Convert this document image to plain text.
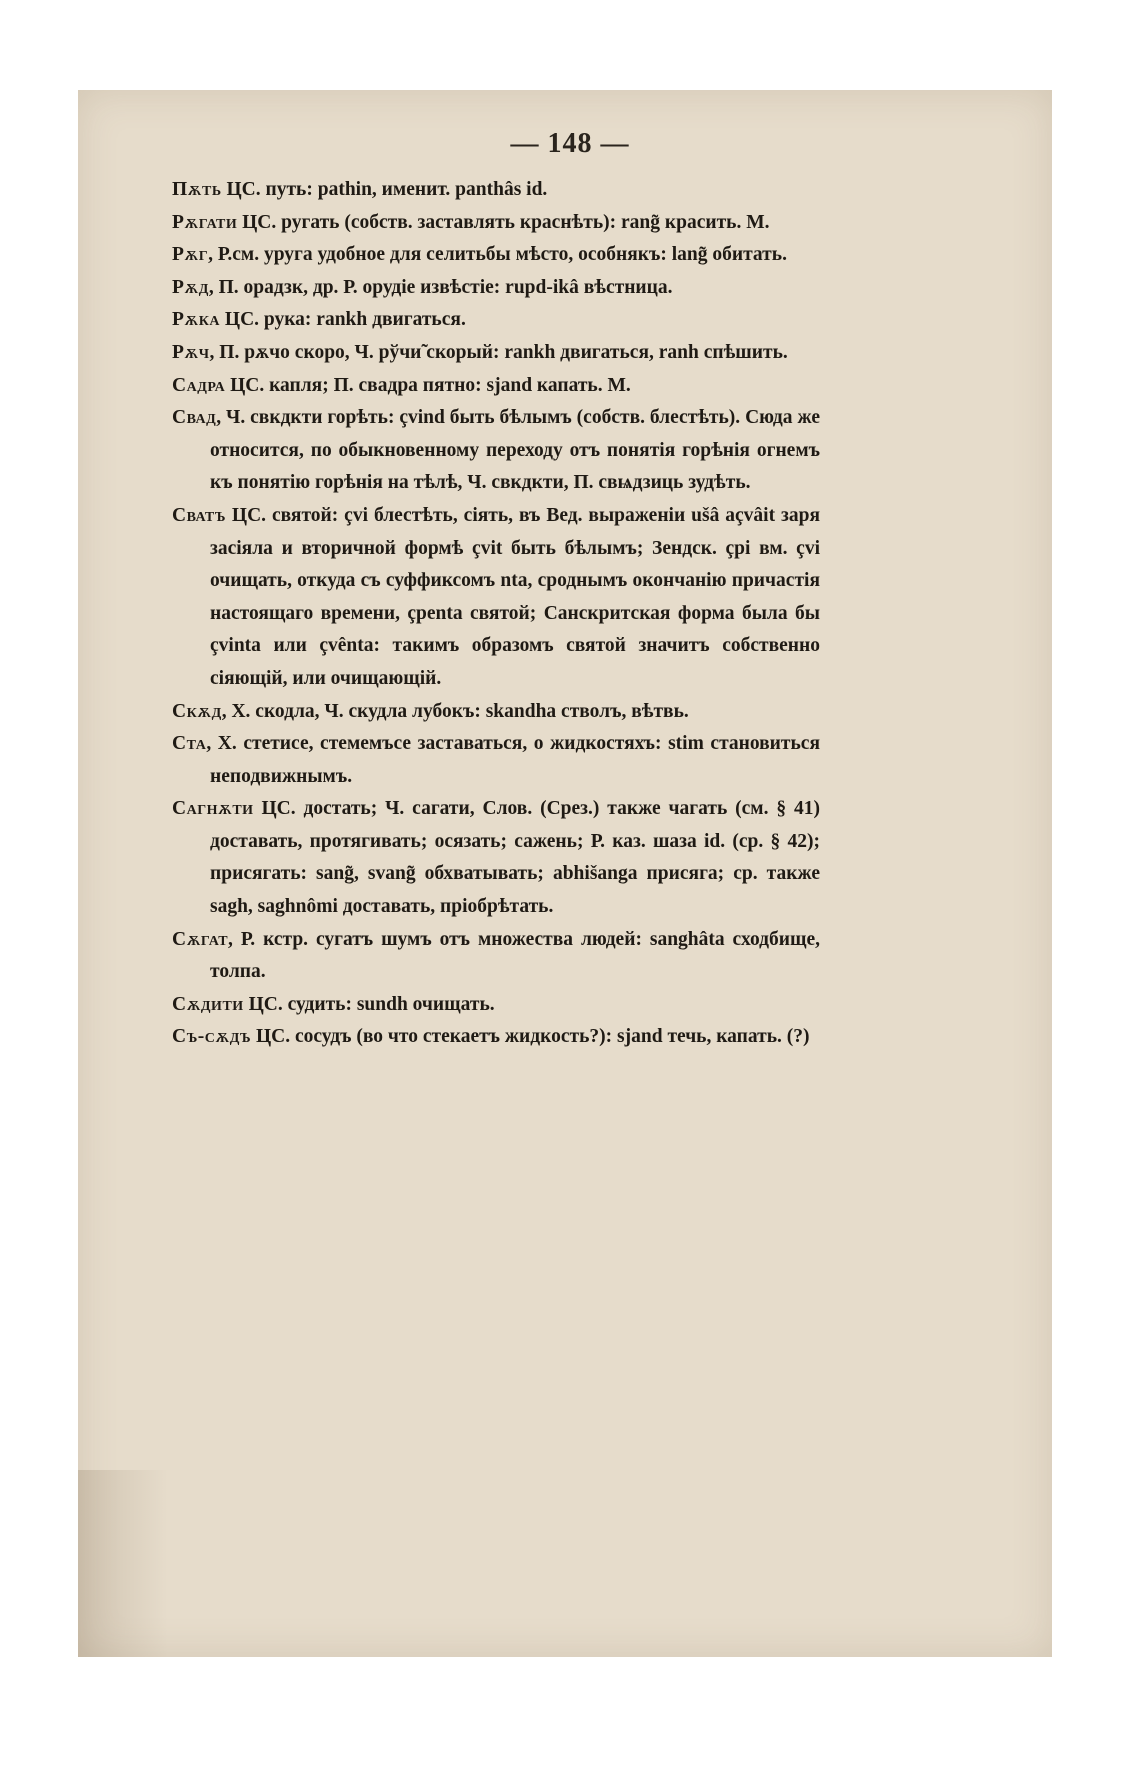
— 148 —
Пѫть ЦС. путь: pathin, именит. panthâs id.
Рѫгати ЦС. ругать (собств. заставлять краснѣть): rang̃ красить. М.
Рѫг, Р.см. уруга удобное для селитьбы мѣсто, особнякъ: lang̃ обитать.
Рѫд, П. орадзк, др. Р. орудіе извѣстіе: rupd-ikâ вѣстница.
Рѫка ЦС. рука: rankh двигаться.
Рѫч, П. рѫчо скоро, Ч. рўчи̃ скорый: rankh двигаться, ranh спѣшить.
Садра ЦС. капля; П. свадра пятно: sjand капать. М.
Свад, Ч. свкдкти горѣть: çvind быть бѣлымъ (собств. блестѣть). Сюда же относится, по обыкновенному переходу отъ понятія горѣнія огнемъ къ понятію горѣнія на тѣлѣ, Ч. свкдкти, П. свѩдзиць зудѣть.
Сватъ ЦС. святой: çvi блестѣть, сіять, въ Вед. выраженіи ušâ açvâit заря засіяла и вторичной формѣ çvit быть бѣлымъ; Зендск. çpi вм. çvi очищать, откуда съ суффиксомъ nta, сроднымъ окончанію причастія настоящаго времени, çpenta святой; Санскритская форма была бы çvinta или çvênta: такимъ образомъ святой значитъ собственно сіяющій, или очищающій.
Скѫд, Х. скодла, Ч. скудла лубокъ: skandha стволъ, вѣтвь.
Ста, Х. стетисе, стемемъсе заставаться, о жидкостяхъ: stim становиться неподвижнымъ.
Сагнѫти ЦС. достать; Ч. сагати, Слов. (Срез.) также чагать (см. § 41) доставать, протягивать; осязать; сажень; Р. каз. шаза id. (ср. § 42); присягать: sang̃, svang̃ обхватывать; abhišanga присяга; ср. также sagh, saghnômi доставать, пріобрѣтать.
Сѫгат, Р. кстр. сугатъ шумъ отъ множества людей: sanghâta сходбище, толпа.
Сѫдити ЦС. судить: sundh очищать.
Съ-сѫдъ ЦС. сосудъ (во что стекаетъ жидкость?): sjand течь, капать. (?)
